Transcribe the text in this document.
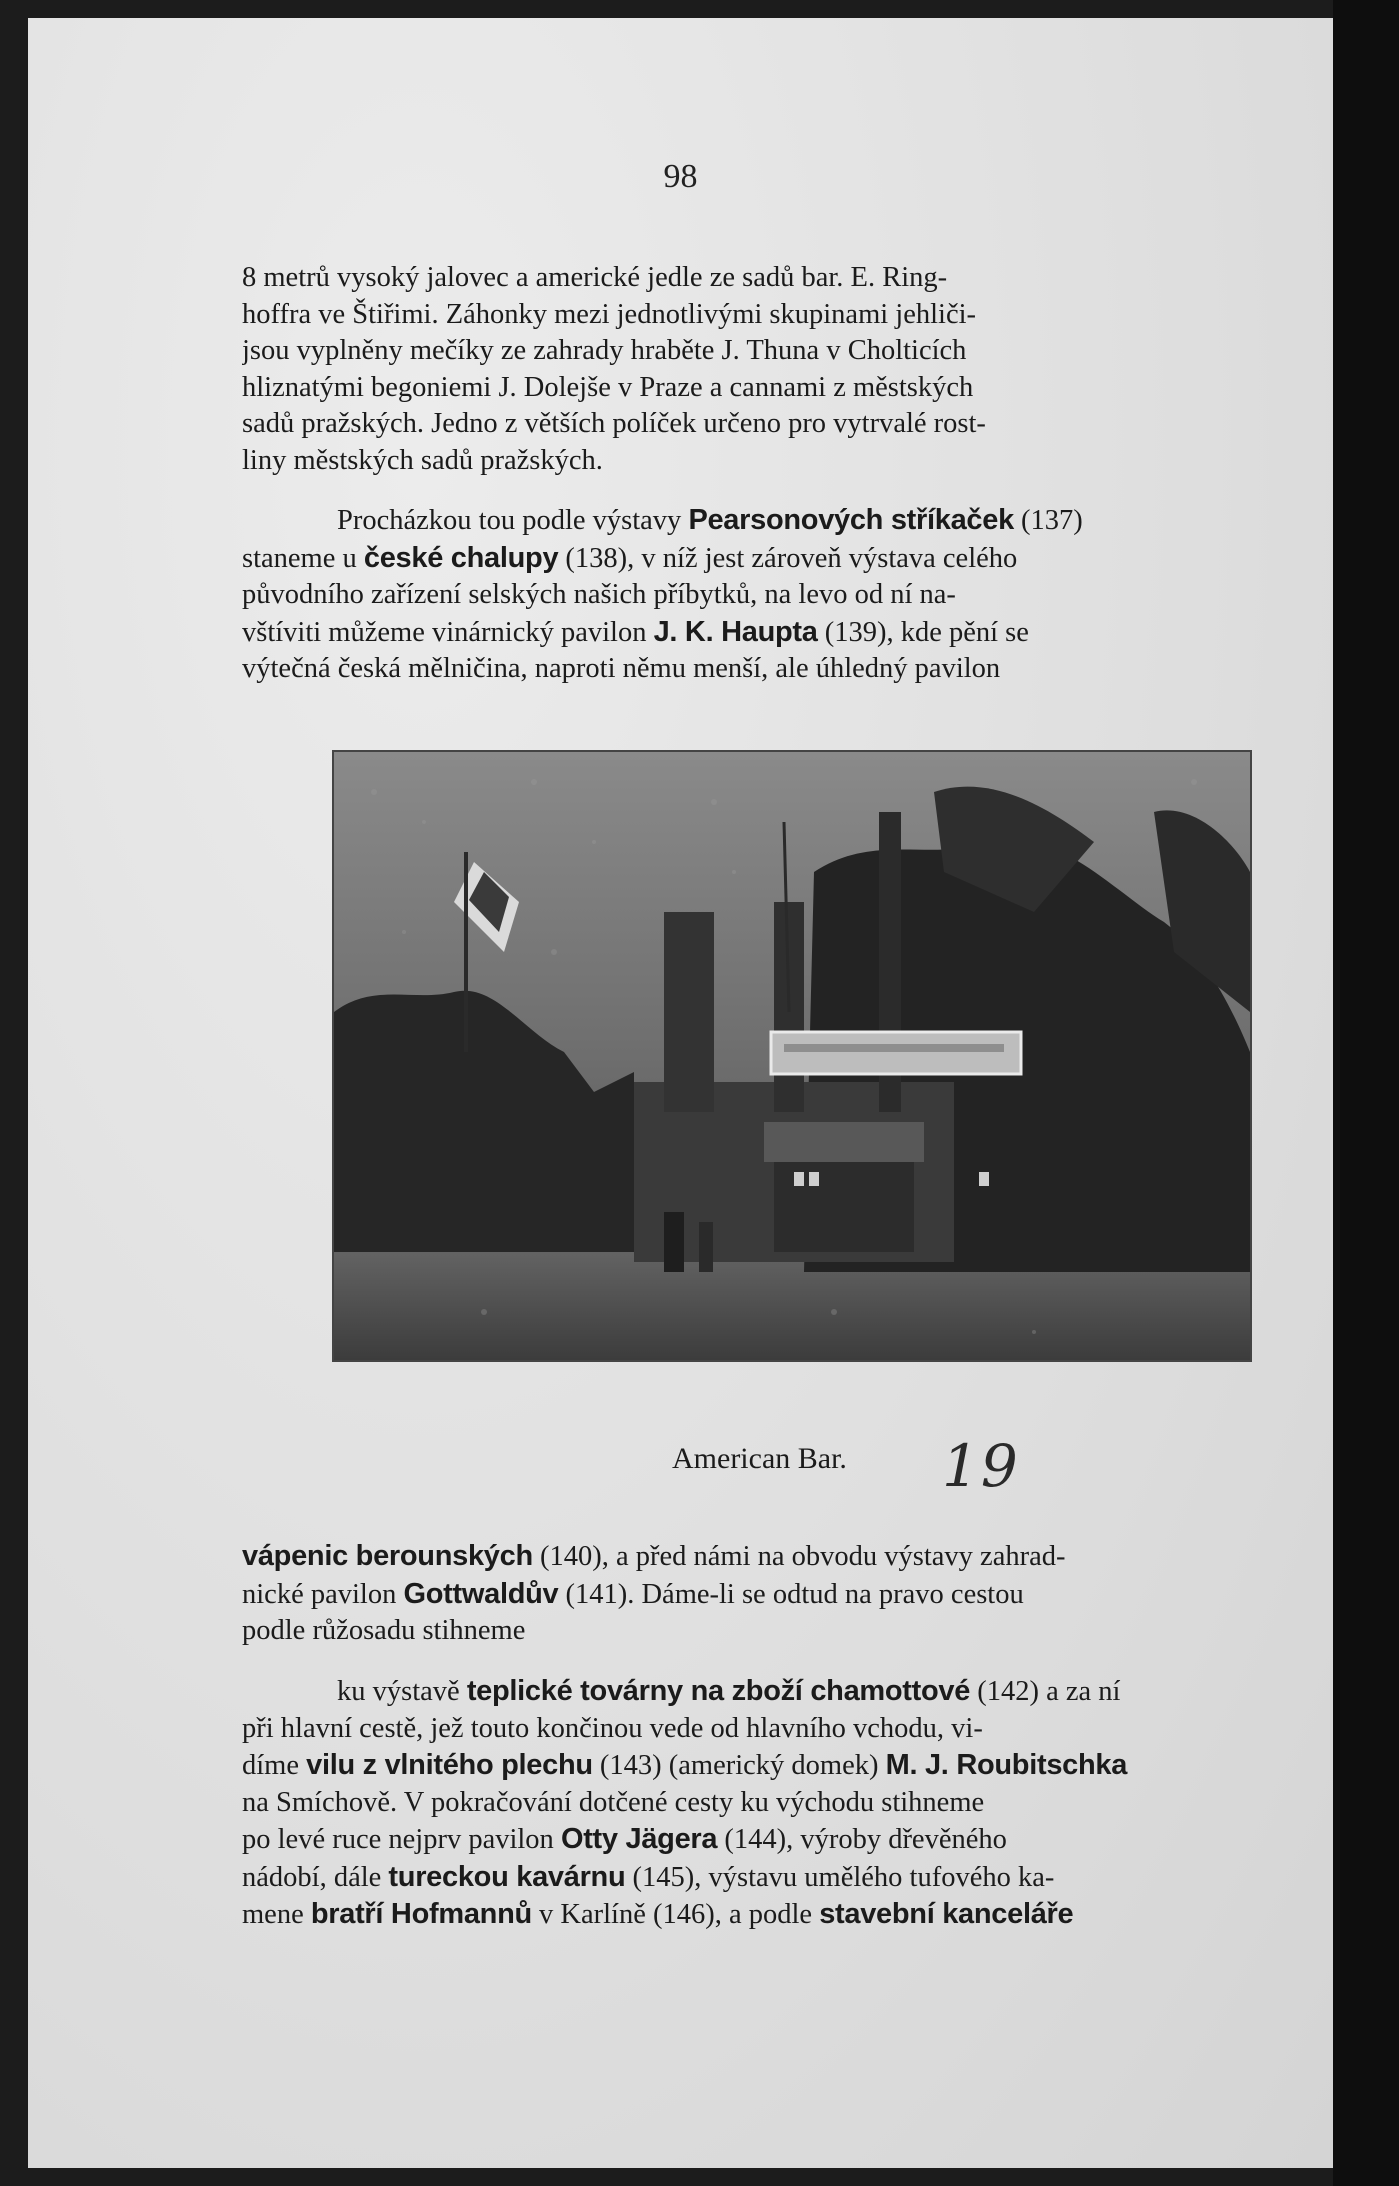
98
8 metrů vysoký jalovec a americké jedle ze sadů bar. E. Ring-
hoffra ve Štiřimi. Záhonky mezi jednotlivými skupinami jehliči-
jsou vyplněny mečíky ze zahrady hraběte J. Thuna v Cholticích
hliznatými begoniemi J. Dolejše v Praze a cannami z městských
sadů pražských. Jedno z větších políček určeno pro vytrvalé rost-
liny městských sadů pražských.
Procházkou tou podle výstavy Pearsonových stříkaček (137)
staneme u české chalupy (138), v níž jest zároveň výstava celého
původního zařízení selských našich příbytků, na levo od ní na-
vštíviti můžeme vinárnický pavilon J. K. Haupta (139), kde pění se
výtečná česká mělničina, naproti němu menší, ale úhledný pavilon
American Bar. 19
vápenic berounských (140), a před námi na obvodu výstavy zahrad-
nické pavilon Gottwaldův (141). Dáme-li se odtud na pravo cestou
podle růžosadu stihneme
ku výstavě teplické továrny na zboží chamottové (142) a za ní
při hlavní cestě, jež touto končinou vede od hlavního vchodu, vi-
díme vilu z vlnitého plechu (143) (americký domek) M. J. Roubitschka
na Smíchově. V pokračování dotčené cesty ku východu stihneme
po levé ruce nejprv pavilon Otty Jägera (144), výroby dřevěného
nádobí, dále tureckou kavárnu (145), výstavu umělého tufového ka-
mene bratří Hofmannů v Karlíně (146), a podle stavební kanceláře
